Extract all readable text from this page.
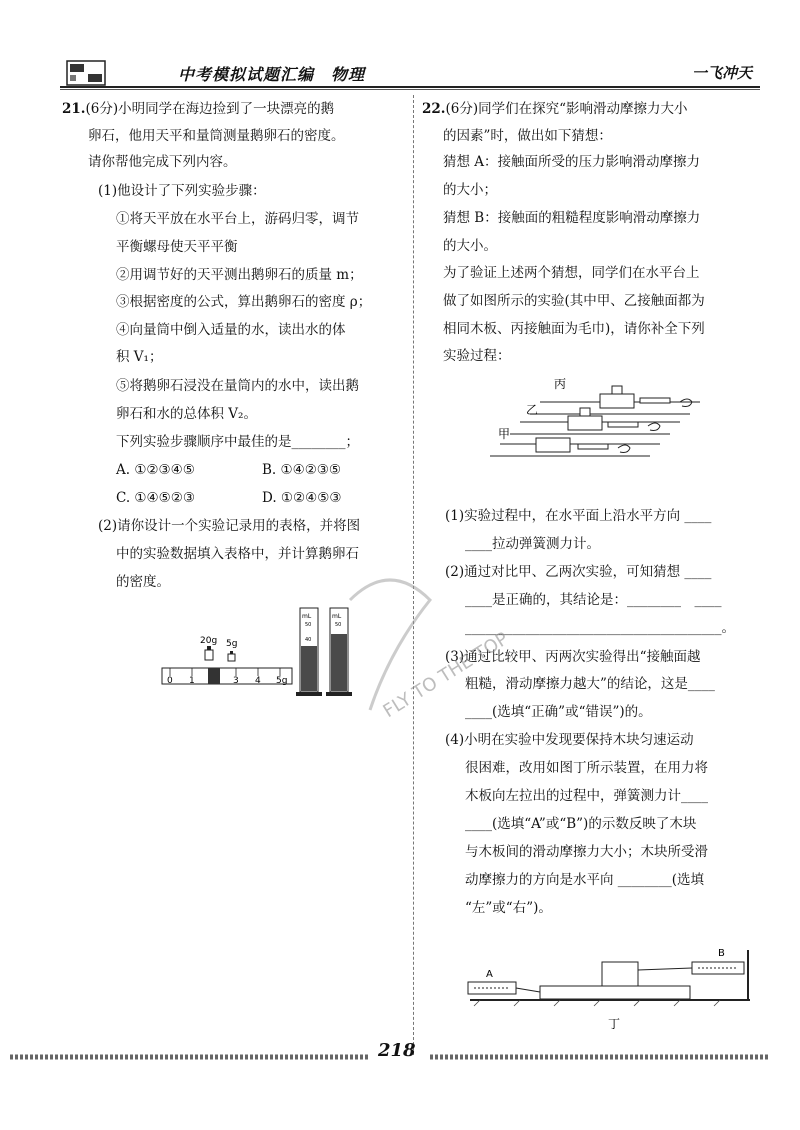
中考模拟试题汇编　物理	一飞冲天
21.(6分)小明同学在海边捡到了一块漂亮的鹅
卵石，他用天平和量筒测量鹅卵石的密度。
请你帮他完成下列内容。
(1)他设计了下列实验步骤：
①将天平放在水平台上，游码归零，调节
平衡螺母使天平平衡
②用调节好的天平测出鹅卵石的质量 m；
③根据密度的公式，算出鹅卵石的密度 ρ；
④向量筒中倒入适量的水，读出水的体
积 V₁；
⑤将鹅卵石浸没在量筒内的水中，读出鹅
卵石和水的总体积 V₂。
下列实验步骤顺序中最佳的是________；
A. ①②③④⑤	B. ①④②③⑤
C. ①④⑤②③	D. ①②④⑤③
(2)请你设计一个实验记录用的表格，并将图
中的实验数据填入表格中，并计算鹅卵石
的密度。
20g 5g
0 1	3 4 5g
mL
50
40
mL
50
22.(6分)同学们在探究“影响滑动摩擦力大小
的因素”时，做出如下猜想：
猜想 A：接触面所受的压力影响滑动摩擦力
的大小；
猜想 B：接触面的粗糙程度影响滑动摩擦力
的大小。
为了验证上述两个猜想，同学们在水平台上
做了如图所示的实验(其中甲、乙接触面都为
相同木板、丙接触面为毛巾)，请你补全下列
实验过程：
丙
乙
甲
(1)实验过程中，在水平面上沿水平方向 ____
____拉动弹簧测力计。
(2)通过对比甲、乙两次实验，可知猜想 ____
____是正确的，其结论是：________　____
______________________________________。
(3)通过比较甲、丙两次实验得出“接触面越
粗糙，滑动摩擦力越大”的结论，这是____
____(选填“正确”或“错误”)的。
(4)小明在实验中发现要保持木块匀速运动
很困难，改用如图丁所示装置，在用力将
木板向左拉出的过程中，弹簧测力计____
____(选填“A”或“B”)的示数反映了木块
与木板间的滑动摩擦力大小；木块所受滑
动摩擦力的方向是水平向 ________(选填
“左”或“右”)。
A
B
丁
FLY TO THE TOP
218
